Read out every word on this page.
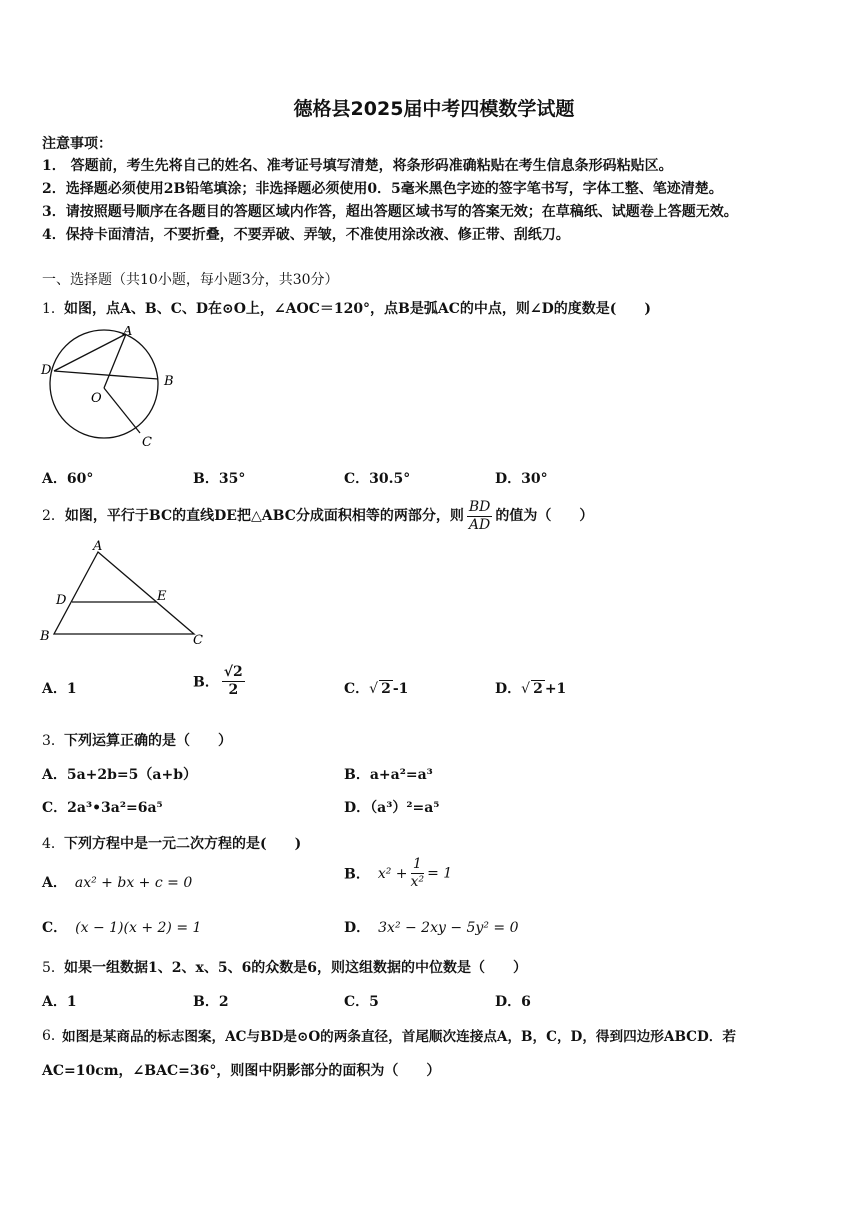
德格县2025届中考四模数学试题
注意事项：
1． 答题前，考生先将自己的姓名、准考证号填写清楚，将条形码准确粘贴在考生信息条形码粘贴区。
2．选择题必须使用2B铅笔填涂；非选择题必须使用0．5毫米黑色字迹的签字笔书写，字体工整、笔迹清楚。
3．请按照题号顺序在各题目的答题区域内作答，超出答题区域书写的答案无效；在草稿纸、试题卷上答题无效。
4．保持卡面清洁，不要折叠，不要弄破、弄皱，不准使用涂改液、修正带、刮纸刀。
一、选择题（共10小题，每小题3分，共30分）
1． 如图，点A、B、C、D在⊙O上，∠AOC＝120°，点B是弧AC的中点，则∠D的度数是(　　)
A
D
B
O
C
A．60°	B．35°	C．30.5°	D．30°
2．如图，平行于BC的直线DE把△ABC分成面积相等的两部分，则 $\frac{BD}{AD}$ 的值为（　　）
A
D	E
B	C
A．1	B． $\frac{√2}{2}$	C．√ 2 -1	D．√ 2 +1
3． 下列运算正确的是（　　）
A．5a+2b=5（a+b）	B．a+a²=a³
C．2a³•3a²=6a⁵	D．（a³）²=a⁵
4． 下列方程中是一元二次方程的是(　　)
A． ax² + bx + c = 0
B． $x^2 + \frac{1}{\text{x²}} = 1$
C． (x − 1)(x + 2) = 1	D． 3x² − 2xy − 5y² = 0
5． 如果一组数据1、2、x、5、6的众数是6，则这组数据的中位数是（　　）
A．1	B．2	C．5	D．6
6．
如图是某商品的标志图案，AC与BD是⊙O的两条直径，首尾顺次连接点A，B，C，D，得到四边形ABCD．若
AC=10cm，∠BAC=36°，则图中阴影部分的面积为（　　）
